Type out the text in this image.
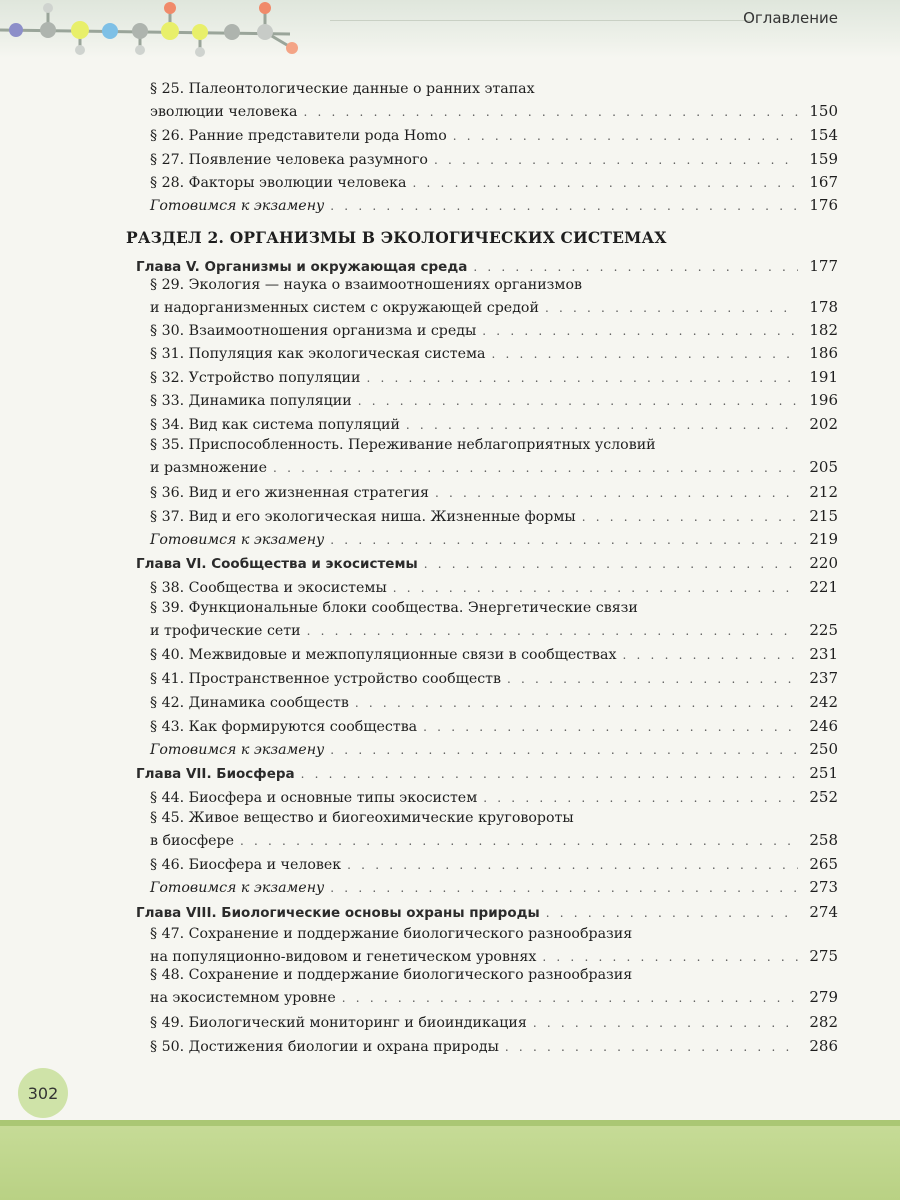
Оглавление
РАЗДЕЛ 2. ОРГАНИЗМЫ В ЭКОЛОГИЧЕСКИХ СИСТЕМАХ
§ 25. Палеонтологические данные о ранних этапах
эволюции человека . . .	150
§ 26. Ранние представители рода Homo . . .	154
§ 27. Появление человека разумного . . .	159
§ 28. Факторы эволюции человека . . .	167
Готовимся к экзамену . . .	176
Глава V. Организмы и окружающая среда . . .	177
§ 29. Экология — наука о взаимоотношениях организмов
и надорганизменных систем с окружающей средой . . .	178
§ 30. Взаимоотношения организма и среды . . .	182
§ 31. Популяция как экологическая система . . .	186
§ 32. Устройство популяции . . .	191
§ 33. Динамика популяции . . .	196
§ 34. Вид как система популяций . . .	202
§ 35. Приспособленность. Переживание неблагоприятных условий
и размножение . . .	205
§ 36. Вид и его жизненная стратегия . . .	212
§ 37. Вид и его экологическая ниша. Жизненные формы . . .	215
Готовимся к экзамену . . .	219
Глава VI. Сообщества и экосистемы . . .	220
§ 38. Сообщества и экосистемы . . .	221
§ 39. Функциональные блоки сообщества. Энергетические связи
и трофические сети . . .	225
§ 40. Межвидовые и межпопуляционные связи в сообществах . . .	231
§ 41. Пространственное устройство сообществ . . .	237
§ 42. Динамика сообществ . . .	242
§ 43. Как формируются сообщества . . .	246
Готовимся к экзамену . . .	250
Глава VII. Биосфера . . .	251
§ 44. Биосфера и основные типы экосистем . . .	252
§ 45. Живое вещество и биогеохимические круговороты
в биосфере . . .	258
§ 46. Биосфера и человек . . .	265
Готовимся к экзамену . . .	273
Глава VIII. Биологические основы охраны природы . . .	274
§ 47. Сохранение и поддержание биологического разнообразия
на популяционно-видовом и генетическом уровнях . . .	275
§ 48. Сохранение и поддержание биологического разнообразия
на экосистемном уровне . . .	279
§ 49. Биологический мониторинг и биоиндикация . . .	282
§ 50. Достижения биологии и охрана природы . . .	286
302
